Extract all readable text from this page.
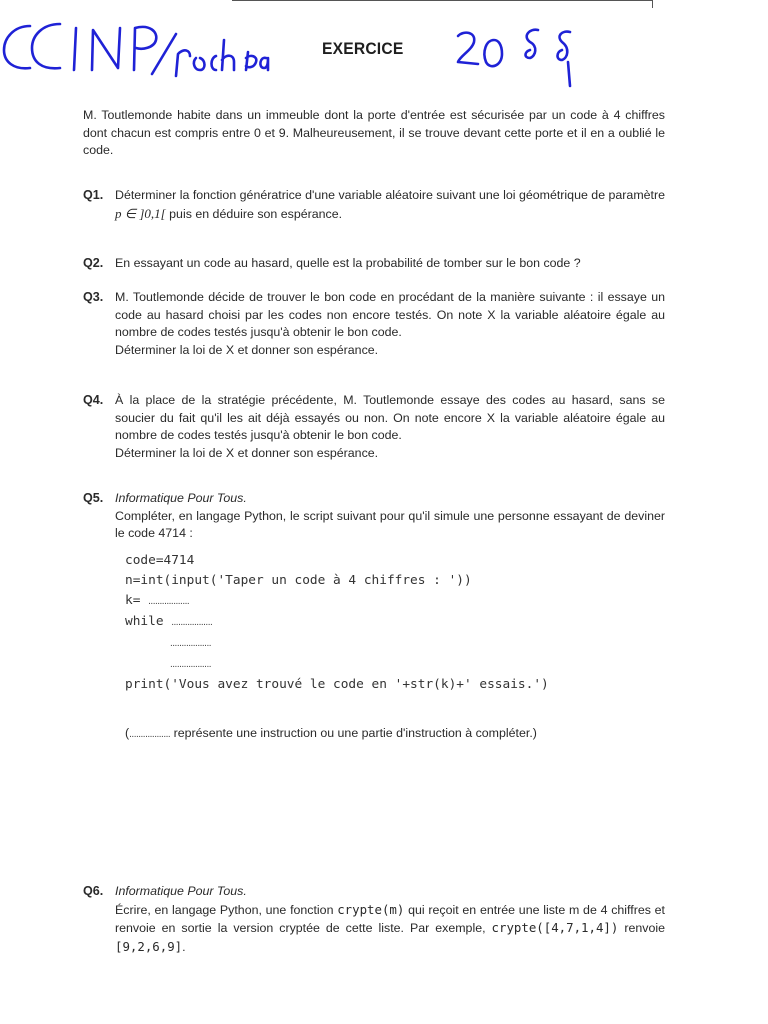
EXERCICE

M. Toutlemonde habite dans un immeuble dont la porte d'entrée est sécurisée par un code à 4 chiffres dont chacun est compris entre 0 et 9. Malheureusement, il se trouve devant cette porte et il en a oublié le code.

Q1. Déterminer la fonction génératrice d'une variable aléatoire suivant une loi géométrique de paramètre p ∈ ]0,1[ puis en déduire son espérance.

Q2. En essayant un code au hasard, quelle est la probabilité de tomber sur le bon code ?

Q3. M. Toutlemonde décide de trouver le bon code en procédant de la manière suivante : il essaye un code au hasard choisi par les codes non encore testés. On note X la variable aléatoire égale au nombre de codes testés jusqu'à obtenir le bon code.

Déterminer la loi de X et donner son espérance.

Q4. À la place de la stratégie précédente, M. Toutlemonde essaye des codes au hasard, sans se soucier du fait qu'il les ait déjà essayés ou non. On note encore X la variable aléatoire égale au nombre de codes testés jusqu'à obtenir le bon code.

Déterminer la loi de X et donner son espérance.

Q5. Informatique Pour Tous.

Compléter, en langage Python, le script suivant pour qu'il simule une personne essayant de deviner le code 4714 :

code=4714
n=int(input('Taper un code à 4 chiffres : '))
k= ..................
while ..................
..................
..................
print('Vous avez trouvé le code en '+str(k)+' essais.')

(.................. représente une instruction ou une partie d'instruction à compléter.)

Q6. Informatique Pour Tous.

Écrire, en langage Python, une fonction crypte(m) qui reçoit en entrée une liste m de 4 chiffres et renvoie en sortie la version cryptée de cette liste. Par exemple, crypte([4,7,1,4]) renvoie [9,2,6,9].
